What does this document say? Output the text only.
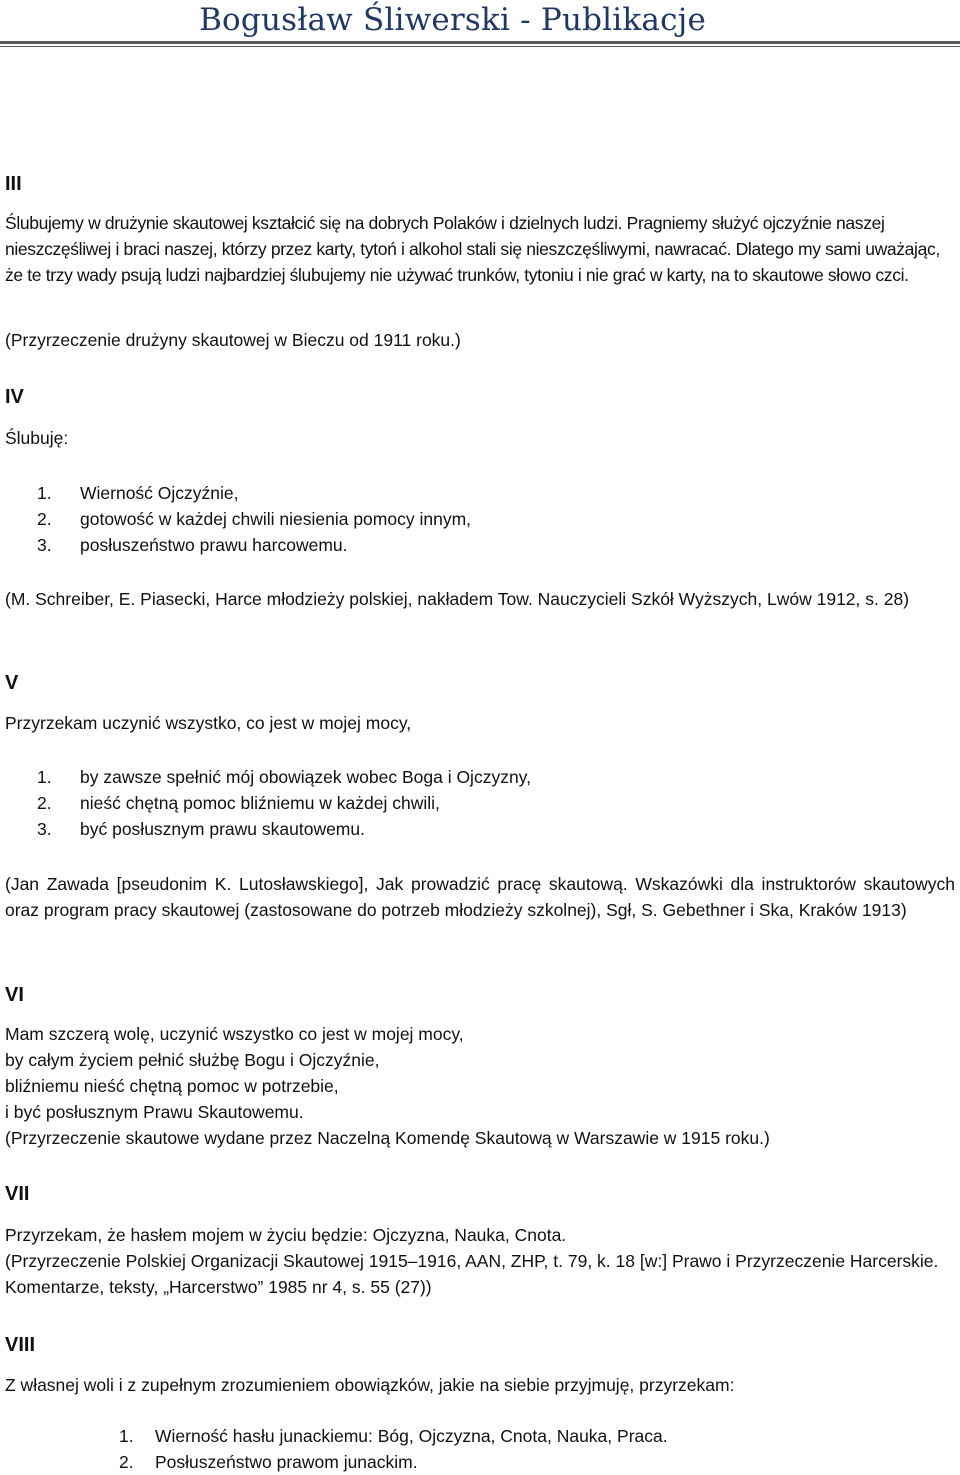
Bogusław Śliwerski - Publikacje
III

Ślubujemy w drużynie skautowej kształcić się na dobrych Polaków i dzielnych ludzi. Pragniemy służyć ojczyźnie naszej nieszczęśliwej i braci naszej, którzy przez karty, tytoń i alkohol stali się nieszczęśliwymi, nawracać. Dlatego my sami uważając, że te trzy wady psują ludzi najbardziej ślubujemy nie używać trunków, tytoniu i nie grać w karty, na to skautowe słowo czci.

(Przyrzeczenie drużyny skautowej w Bieczu od 1911 roku.)

IV

Ślubuję:

1. Wierność Ojczyźnie,
2. gotowość w każdej chwili niesienia pomocy innym,
3. posłuszeństwo prawu harcowemu.

(M. Schreiber, E. Piasecki, Harce młodzieży polskiej, nakładem Tow. Nauczycieli Szkół Wyższych, Lwów 1912, s. 28)

V

Przyrzekam uczynić wszystko, co jest w mojej mocy,

1. by zawsze spełnić mój obowiązek wobec Boga i Ojczyzny,
2. nieść chętną pomoc bliźniemu w każdej chwili,
3. być posłusznym prawu skautowemu.

(Jan Zawada [pseudonim K. Lutosławskiego], Jak prowadzić pracę skautową. Wskazówki dla instruktorów skautowych oraz program pracy skautowej (zastosowane do potrzeb młodzieży szkolnej), Sgł, S. Gebethner i Ska, Kraków 1913)

VI
Mam szczerą wolę, uczynić wszystko co jest w mojej mocy,
by całym życiem pełnić służbę Bogu i Ojczyźnie,
bliźniemu nieść chętną pomoc w potrzebie,
i być posłusznym Prawu Skautowemu.
(Przyrzeczenie skautowe wydane przez Naczelną Komendę Skautową w Warszawie w 1915 roku.)
VII

Przyrzekam, że hasłem mojem w życiu będzie: Ojczyzna, Nauka, Cnota.

(Przyrzeczenie Polskiej Organizacji Skautowej 1915–1916, AAN, ZHP, t. 79, k. 18 [w:] Prawo i Przyrzeczenie Harcerskie. Komentarze, teksty, „Harcerstwo” 1985 nr 4, s. 55 (27))

VIII

Z własnej woli i z zupełnym zrozumieniem obowiązków, jakie na siebie przyjmuję, przyrzekam:

1. Wierność hasłu junackiemu: Bóg, Ojczyzna, Cnota, Nauka, Praca.
2. Posłuszeństwo prawom junackim.
